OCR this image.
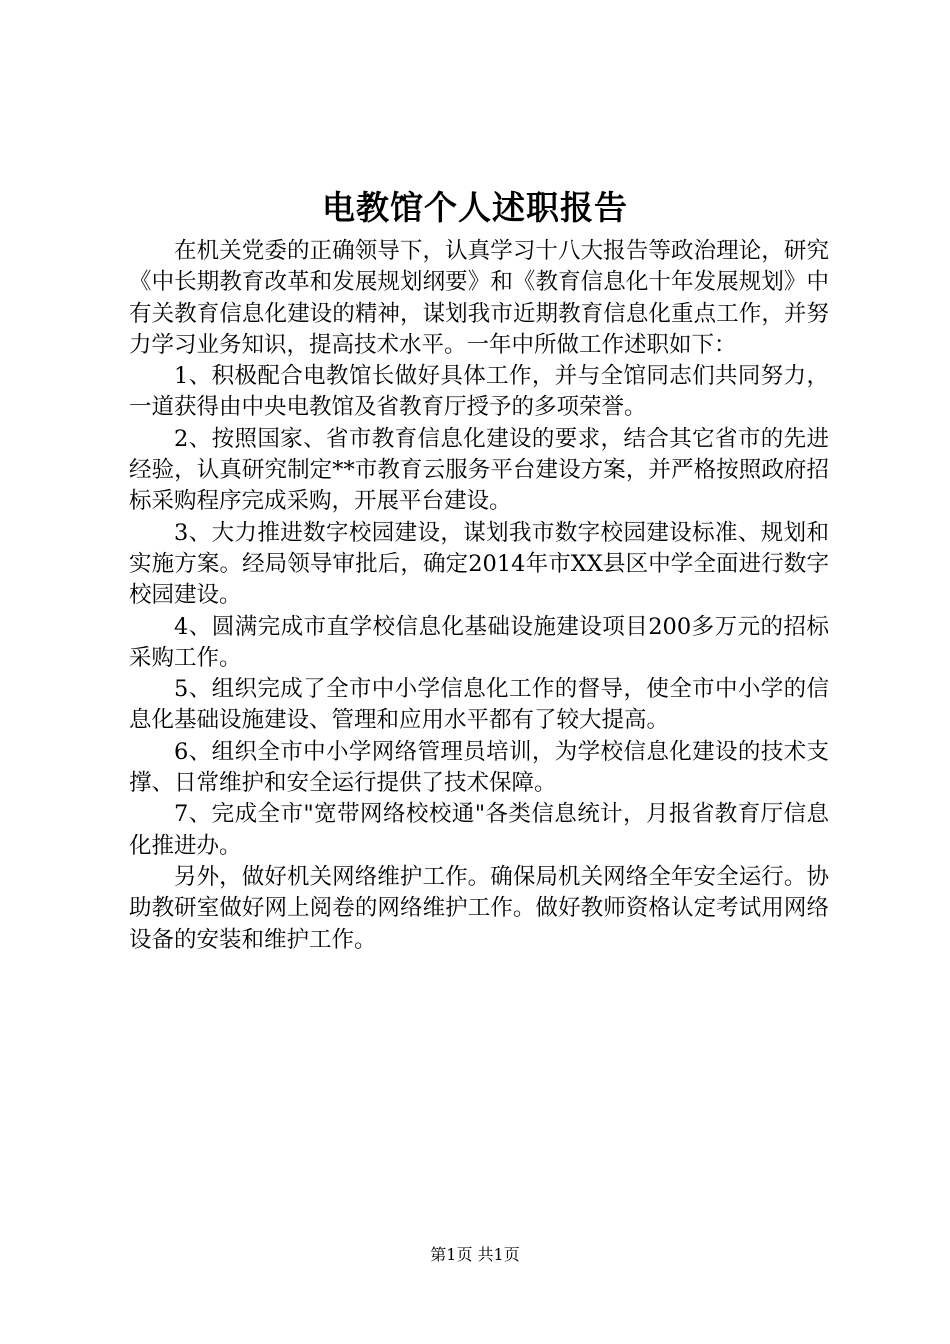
电教馆个人述职报告

在机关党委的正确领导下，认真学习十八大报告等政治理论，研究《中长期教育改革和发展规划纲要》和《教育信息化十年发展规划》中有关教育信息化建设的精神，谋划我市近期教育信息化重点工作，并努力学习业务知识，提高技术水平。一年中所做工作述职如下：

1、积极配合电教馆长做好具体工作，并与全馆同志们共同努力，一道获得由中央电教馆及省教育厅授予的多项荣誉。

2、按照国家、省市教育信息化建设的要求，结合其它省市的先进经验，认真研究制定**市教育云服务平台建设方案，并严格按照政府招标采购程序完成采购，开展平台建设。

3、大力推进数字校园建设，谋划我市数字校园建设标准、规划和实施方案。经局领导审批后，确定2014年市XX县区中学全面进行数字校园建设。

4、圆满完成市直学校信息化基础设施建设项目200多万元的招标采购工作。

5、组织完成了全市中小学信息化工作的督导，使全市中小学的信息化基础设施建设、管理和应用水平都有了较大提高。

6、组织全市中小学网络管理员培训，为学校信息化建设的技术支撑、日常维护和安全运行提供了技术保障。

7、完成全市"宽带网络校校通"各类信息统计，月报省教育厅信息化推进办。

另外，做好机关网络维护工作。确保局机关网络全年安全运行。协助教研室做好网上阅卷的网络维护工作。做好教师资格认定考试用网络设备的安装和维护工作。

第1页 共1页
